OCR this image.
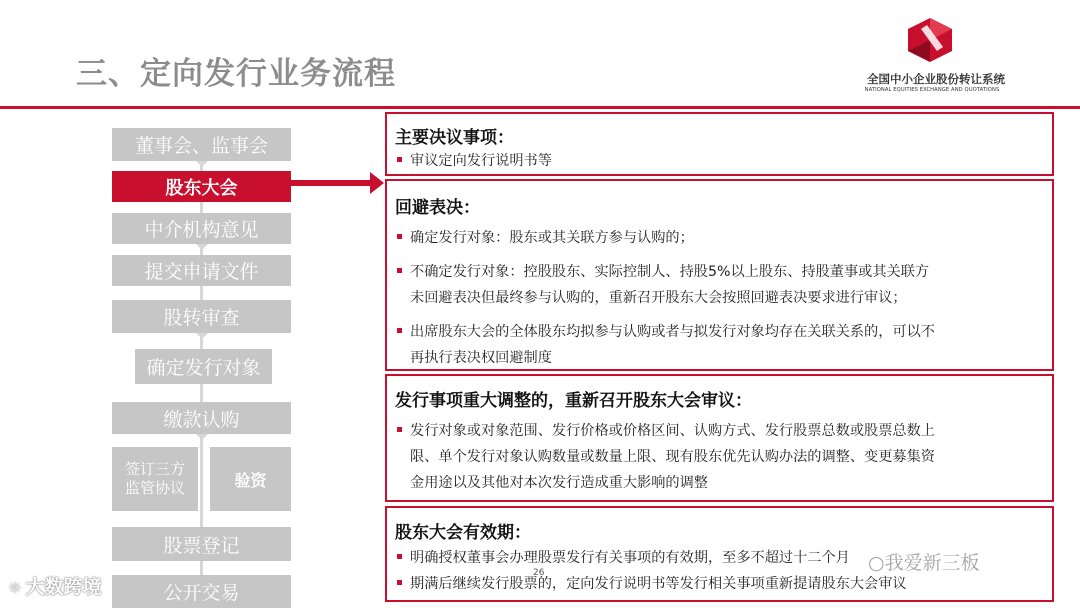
三、定向发行业务流程	全国中小企业股份转让系统
NATIONAL EQUITIES EXCHANGE AND QUOTATIONS
董事会、监事会
股东大会
中介机构意见
提交申请文件
股转审查
确定发行对象
缴款认购
签订三方
监管协议	验资
股票登记
公开交易
主要决议事项：
审议定向发行说明书等
回避表决：
确定发行对象：股东或其关联方参与认购的；
不确定发行对象：控股股东、实际控制人、持股5%以上股东、持股董事或其关联方
未回避表决但最终参与认购的，重新召开股东大会按照回避表决要求进行审议；
出席股东大会的全体股东均拟参与认购或者与拟发行对象均存在关联关系的，可以不
再执行表决权回避制度
发行事项重大调整的，重新召开股东大会审议：
发行对象或对象范围、发行价格或价格区间、认购方式、发行股票总数或股票总数上
限、单个发行对象认购数量或数量上限、现有股东优先认购办法的调整、变更募集资
金用途以及其他对本次发行造成重大影响的调整
股东大会有效期：
明确授权董事会办理股票发行有关事项的有效期，至多不超过十二个月
期满后继续发行股票的，定向发行说明书等发行相关事项重新提请股东大会审议
☼ 大数跨境
○我爱新三板
26
